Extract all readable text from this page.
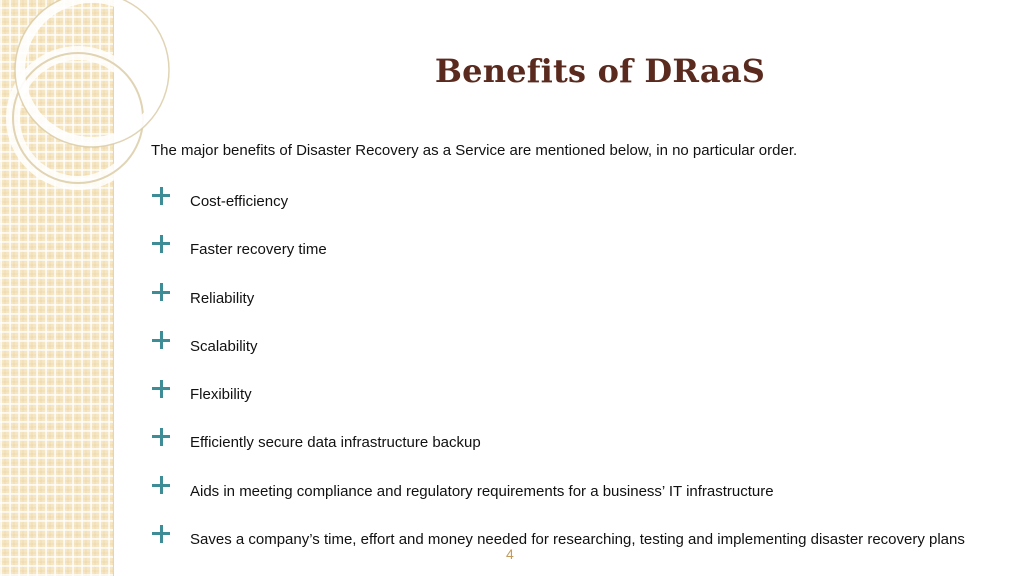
Benefits of DRaaS

The major benefits of Disaster Recovery as a Service are mentioned below, in no particular order.

Cost-efficiency
Faster recovery time
Reliability
Scalability
Flexibility
Efficiently secure data infrastructure backup
Aids in meeting compliance and regulatory requirements for a business’ IT infrastructure
Saves a company’s time, effort and money needed for researching, testing and implementing disaster recovery plans
4
